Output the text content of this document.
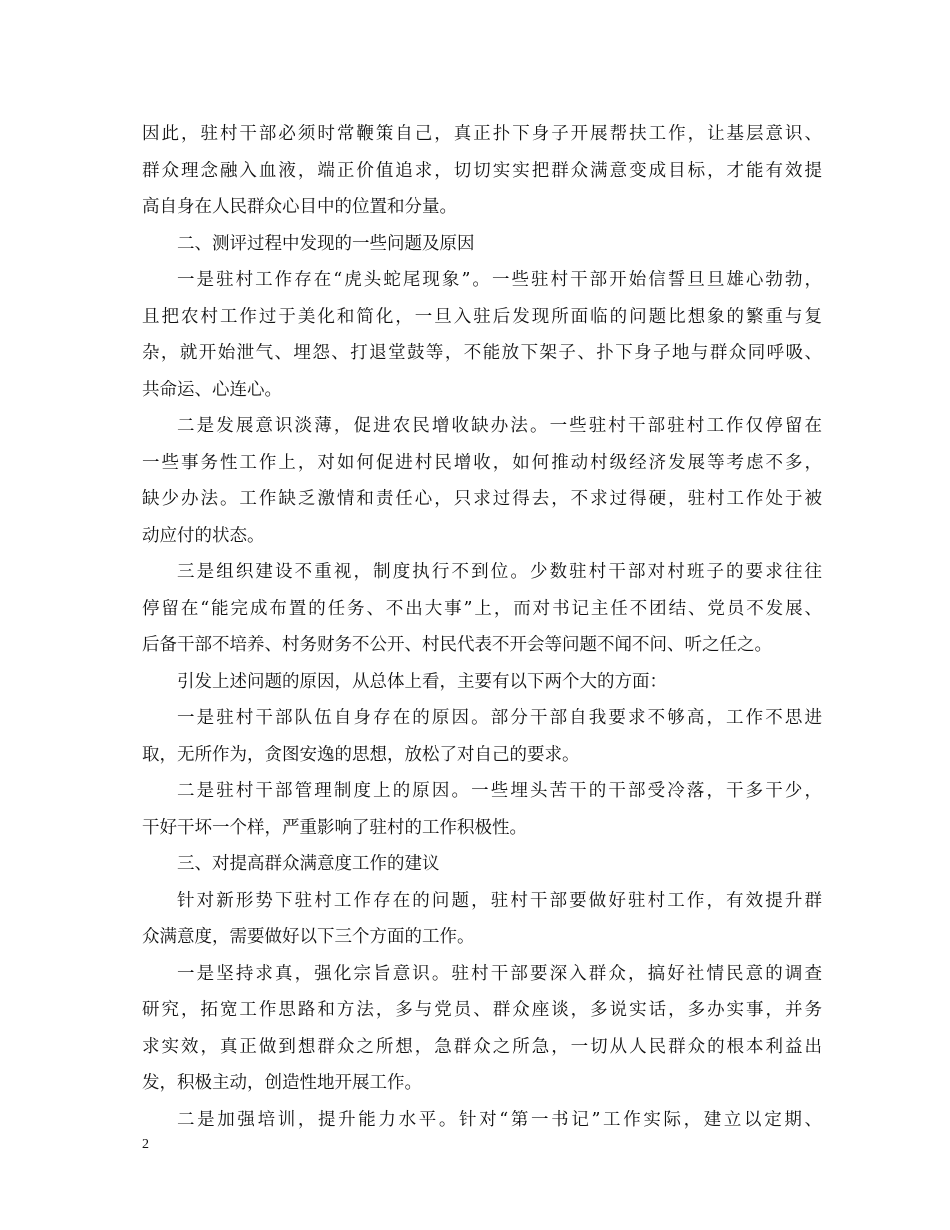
因此，驻村干部必须时常鞭策自己，真正扑下身子开展帮扶工作，让基层意识、
群众理念融入血液，端正价值追求，切切实实把群众满意变成目标，才能有效提
高自身在人民群众心目中的位置和分量。
二、测评过程中发现的一些问题及原因
一是驻村工作存在“虎头蛇尾现象”。一些驻村干部开始信誓旦旦雄心勃勃，
且把农村工作过于美化和简化，一旦入驻后发现所面临的问题比想象的繁重与复
杂，就开始泄气、埋怨、打退堂鼓等，不能放下架子、扑下身子地与群众同呼吸、
共命运、心连心。
二是发展意识淡薄，促进农民增收缺办法。一些驻村干部驻村工作仅停留在
一些事务性工作上，对如何促进村民增收，如何推动村级经济发展等考虑不多，
缺少办法。工作缺乏激情和责任心，只求过得去，不求过得硬，驻村工作处于被
动应付的状态。
三是组织建设不重视，制度执行不到位。少数驻村干部对村班子的要求往往
停留在“能完成布置的任务、不出大事”上，而对书记主任不团结、党员不发展、
后备干部不培养、村务财务不公开、村民代表不开会等问题不闻不问、听之任之。
引发上述问题的原因，从总体上看，主要有以下两个大的方面：
一是驻村干部队伍自身存在的原因。部分干部自我要求不够高，工作不思进
取，无所作为，贪图安逸的思想，放松了对自己的要求。
二是驻村干部管理制度上的原因。一些埋头苦干的干部受冷落，干多干少，
干好干坏一个样，严重影响了驻村的工作积极性。
三、对提高群众满意度工作的建议
针对新形势下驻村工作存在的问题，驻村干部要做好驻村工作，有效提升群
众满意度，需要做好以下三个方面的工作。
一是坚持求真，强化宗旨意识。驻村干部要深入群众，搞好社情民意的调查
研究，拓宽工作思路和方法，多与党员、群众座谈，多说实话，多办实事，并务
求实效，真正做到想群众之所想，急群众之所急，一切从人民群众的根本利益出
发，积极主动，创造性地开展工作。
二是加强培训，提升能力水平。针对“第一书记”工作实际，建立以定期、
2
